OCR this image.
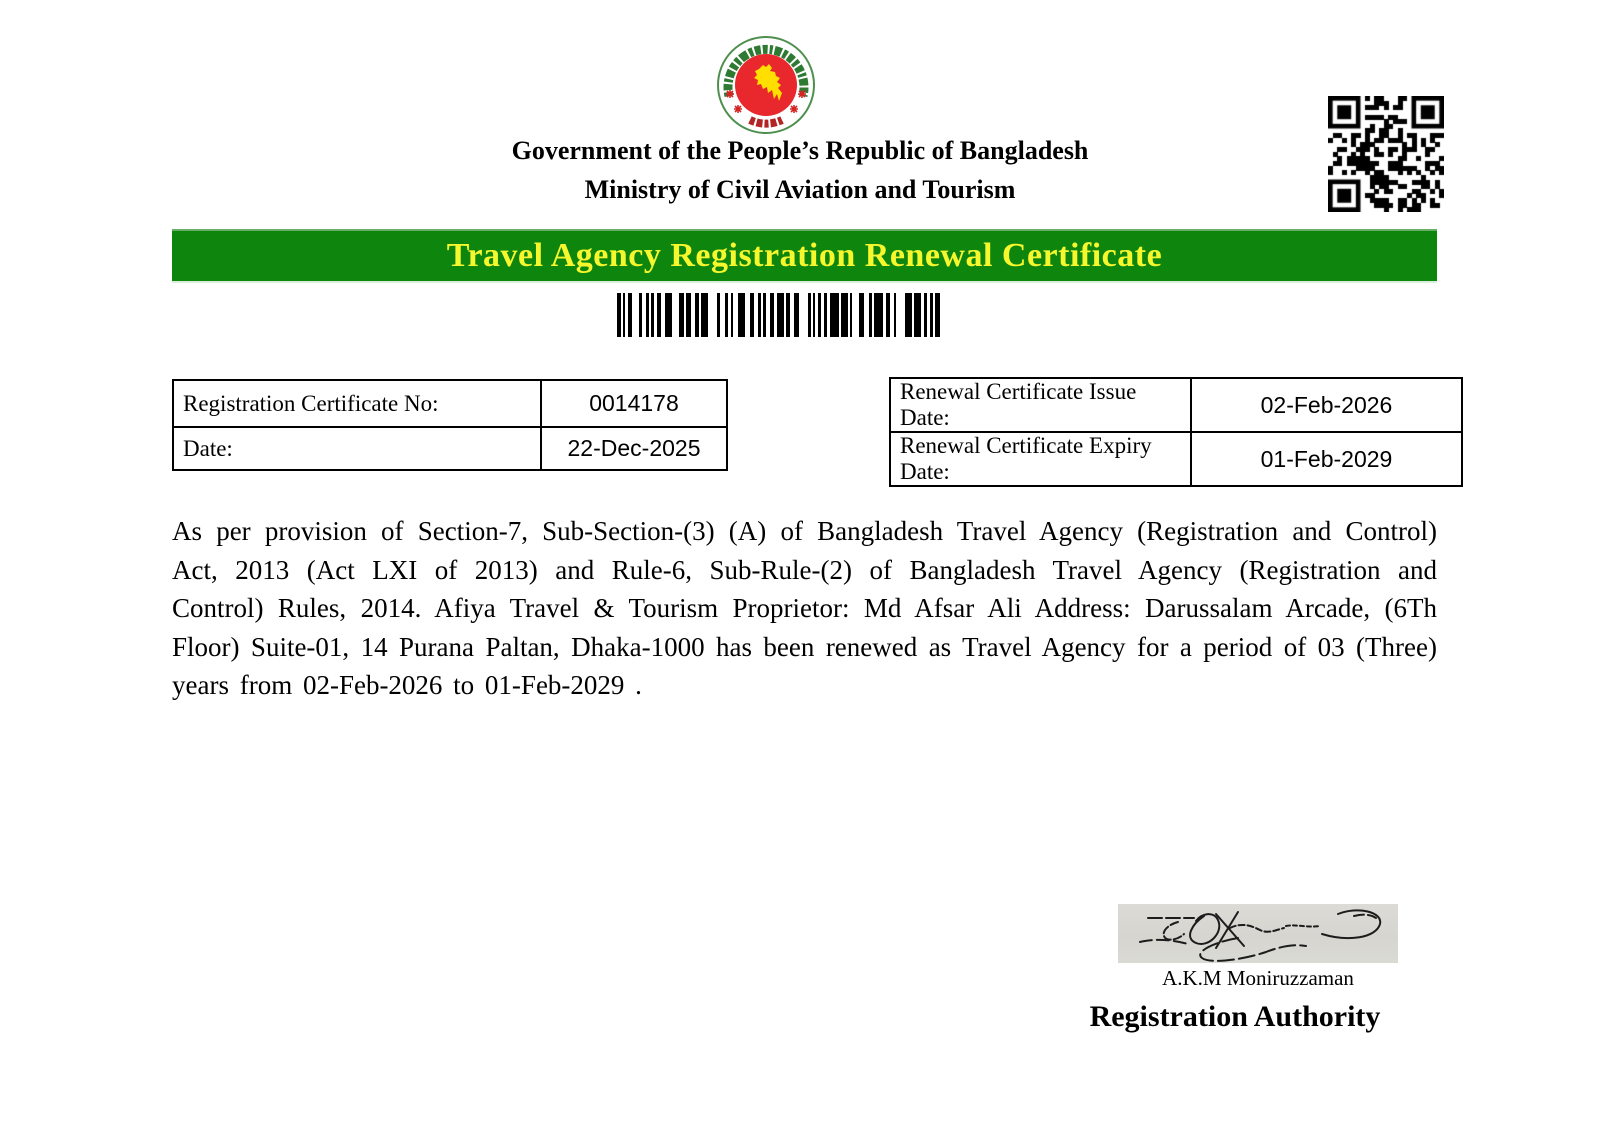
Government of the People’s Republic of Bangladesh
Ministry of Civil Aviation and Tourism
Travel Agency Registration Renewal Certificate
Registration Certificate No:	0014178
Date:	22-Dec-2025
Renewal Certificate Issue Date:	02-Feb-2026
Renewal Certificate Expiry Date:	01-Feb-2029

As per provision of Section-7, Sub-Section-(3) (A) of Bangladesh Travel Agency (Registration and Control) Act, 2013 (Act LXI of 2013) and Rule-6, Sub-Rule-(2) of Bangladesh Travel Agency (Registration and Control) Rules, 2014. Afiya Travel & Tourism Proprietor: Md Afsar Ali Address: Darussalam Arcade, (6Th Floor) Suite-01, 14 Purana Paltan, Dhaka-1000 has been renewed as Travel Agency for a period of 03 (Three) years from 02-Feb-2026 to 01-Feb-2029 .

A.K.M Moniruzzaman
Registration Authority
